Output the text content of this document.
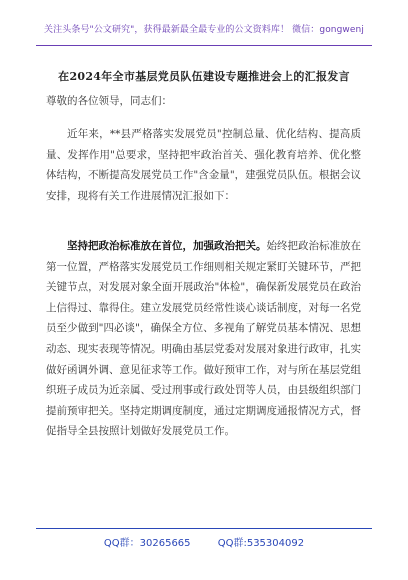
关注头条号"公文研究"，获得最新最全最专业的公文资料库！ 微信：gongwenj
在2024年全市基层党员队伍建设专题推进会上的汇报发言
尊敬的各位领导，同志们：
近年来，**县严格落实发展党员"控制总量、优化结构、提高质量、发挥作用"总要求，坚持把牢政治首关、强化教育培养、优化整体结构，不断提高发展党员工作"含金量"，建强党员队伍。根据会议安排，现将有关工作进展情况汇报如下：
坚持把政治标准放在首位，加强政治把关。始终把政治标准放在第一位置，严格落实发展党员工作细则相关规定紧盯关键环节，严把关键节点，对发展对象全面开展政治"体检"，确保新发展党员在政治上信得过、靠得住。建立发展党员经常性谈心谈话制度，对每一名党员至少做到"四必谈"，确保全方位、多视角了解党员基本情况、思想动态、现实表现等情况。明确由基层党委对发展对象进行政审，扎实做好函调外调、意见征求等工作。做好预审工作，对与所在基层党组织班子成员为近亲属、受过刑事或行政处罚等人员，由县级组织部门提前预审把关。坚持定期调度制度，通过定期调度通报情况方式，督促指导全县按照计划做好发展党员工作。
QQ群：30265665	QQ群:535304092
